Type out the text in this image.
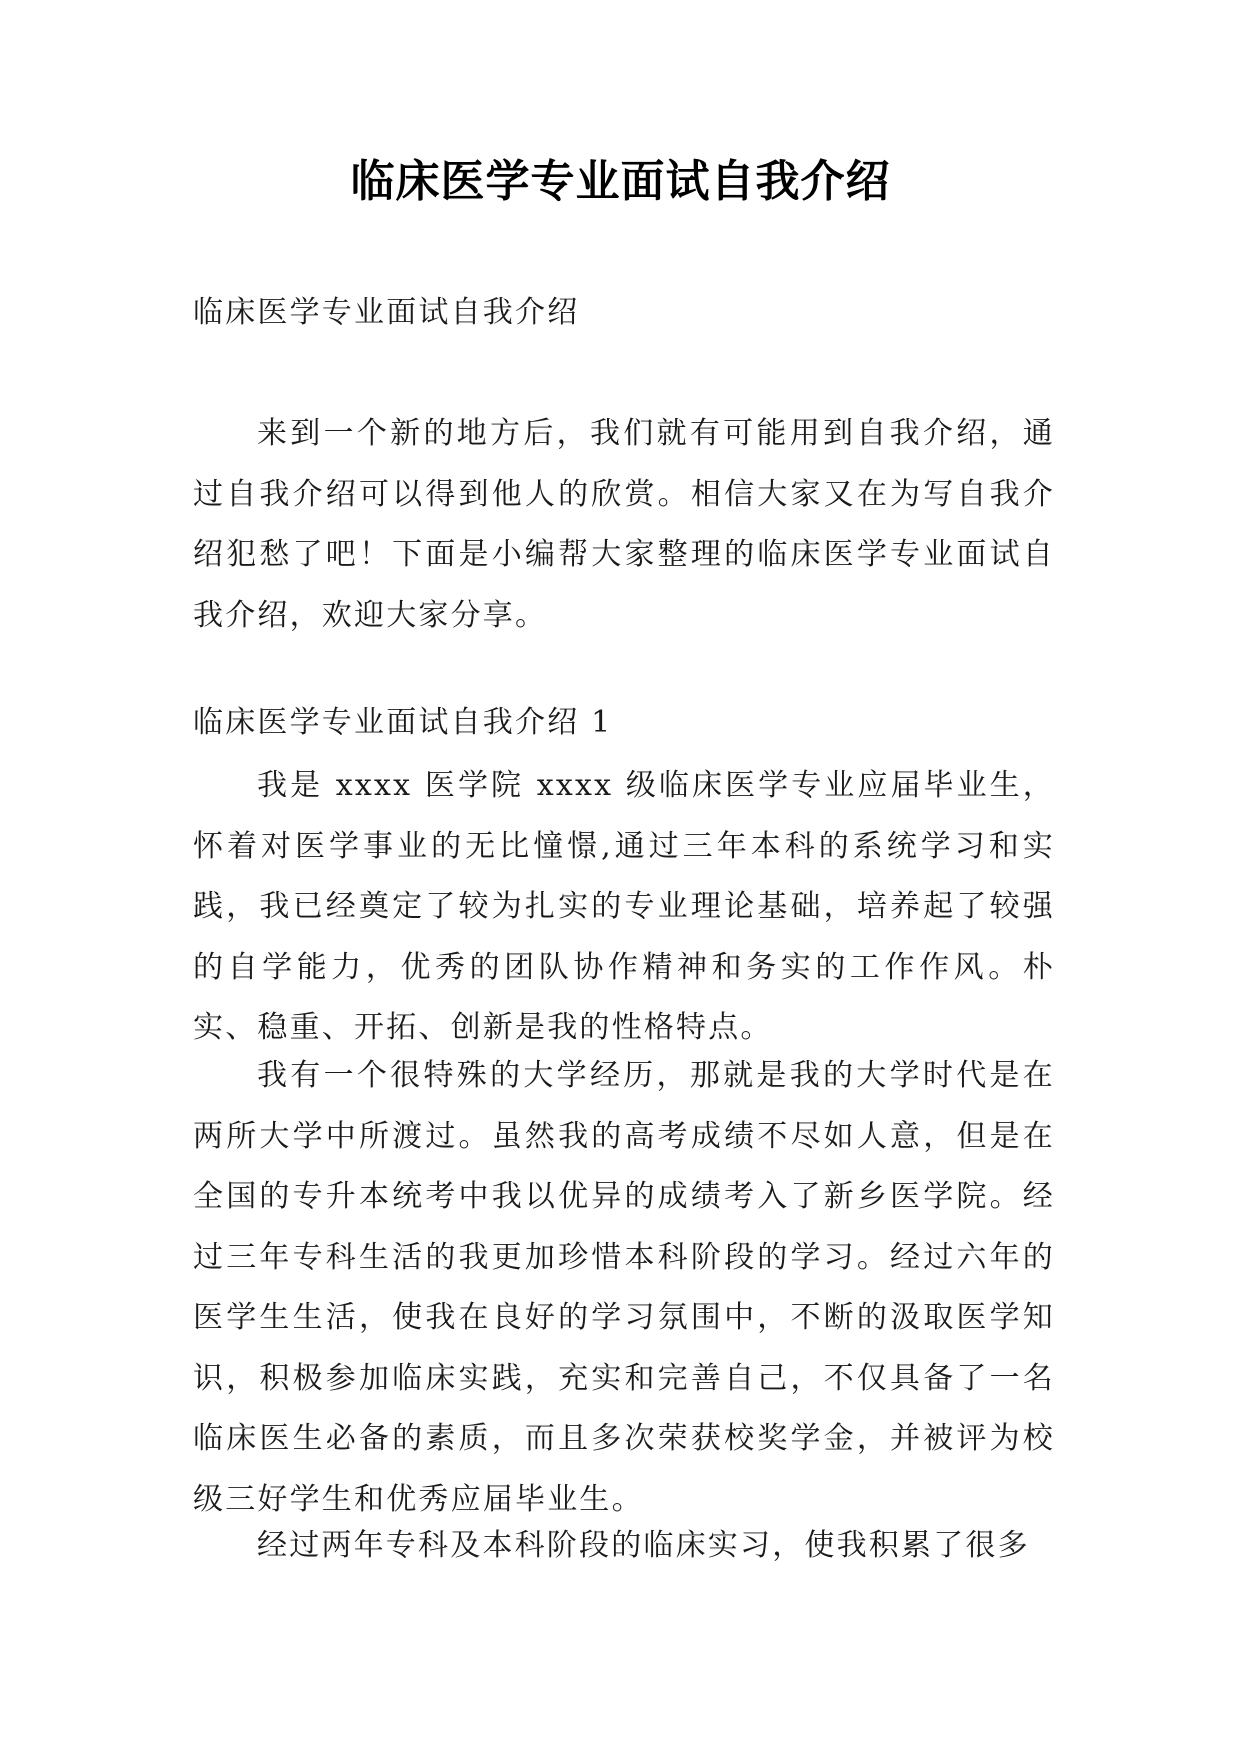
临床医学专业面试自我介绍

临床医学专业面试自我介绍

来到一个新的地方后，我们就有可能用到自我介绍，通过自我介绍可以得到他人的欣赏。相信大家又在为写自我介绍犯愁了吧！下面是小编帮大家整理的临床医学专业面试自我介绍，欢迎大家分享。

临床医学专业面试自我介绍 1

我是 xxxx 医学院 xxxx 级临床医学专业应届毕业生，怀着对医学事业的无比憧憬,通过三年本科的系统学习和实践，我已经奠定了较为扎实的专业理论基础，培养起了较强的自学能力，优秀的团队协作精神和务实的工作作风。朴实、稳重、开拓、创新是我的性格特点。

我有一个很特殊的大学经历，那就是我的大学时代是在两所大学中所渡过。虽然我的高考成绩不尽如人意，但是在全国的专升本统考中我以优异的成绩考入了新乡医学院。经过三年专科生活的我更加珍惜本科阶段的学习。经过六年的医学生生活，使我在良好的学习氛围中，不断的汲取医学知识，积极参加临床实践，充实和完善自己，不仅具备了一名临床医生必备的素质，而且多次荣获校奖学金，并被评为校级三好学生和优秀应届毕业生。

经过两年专科及本科阶段的临床实习，使我积累了很多
